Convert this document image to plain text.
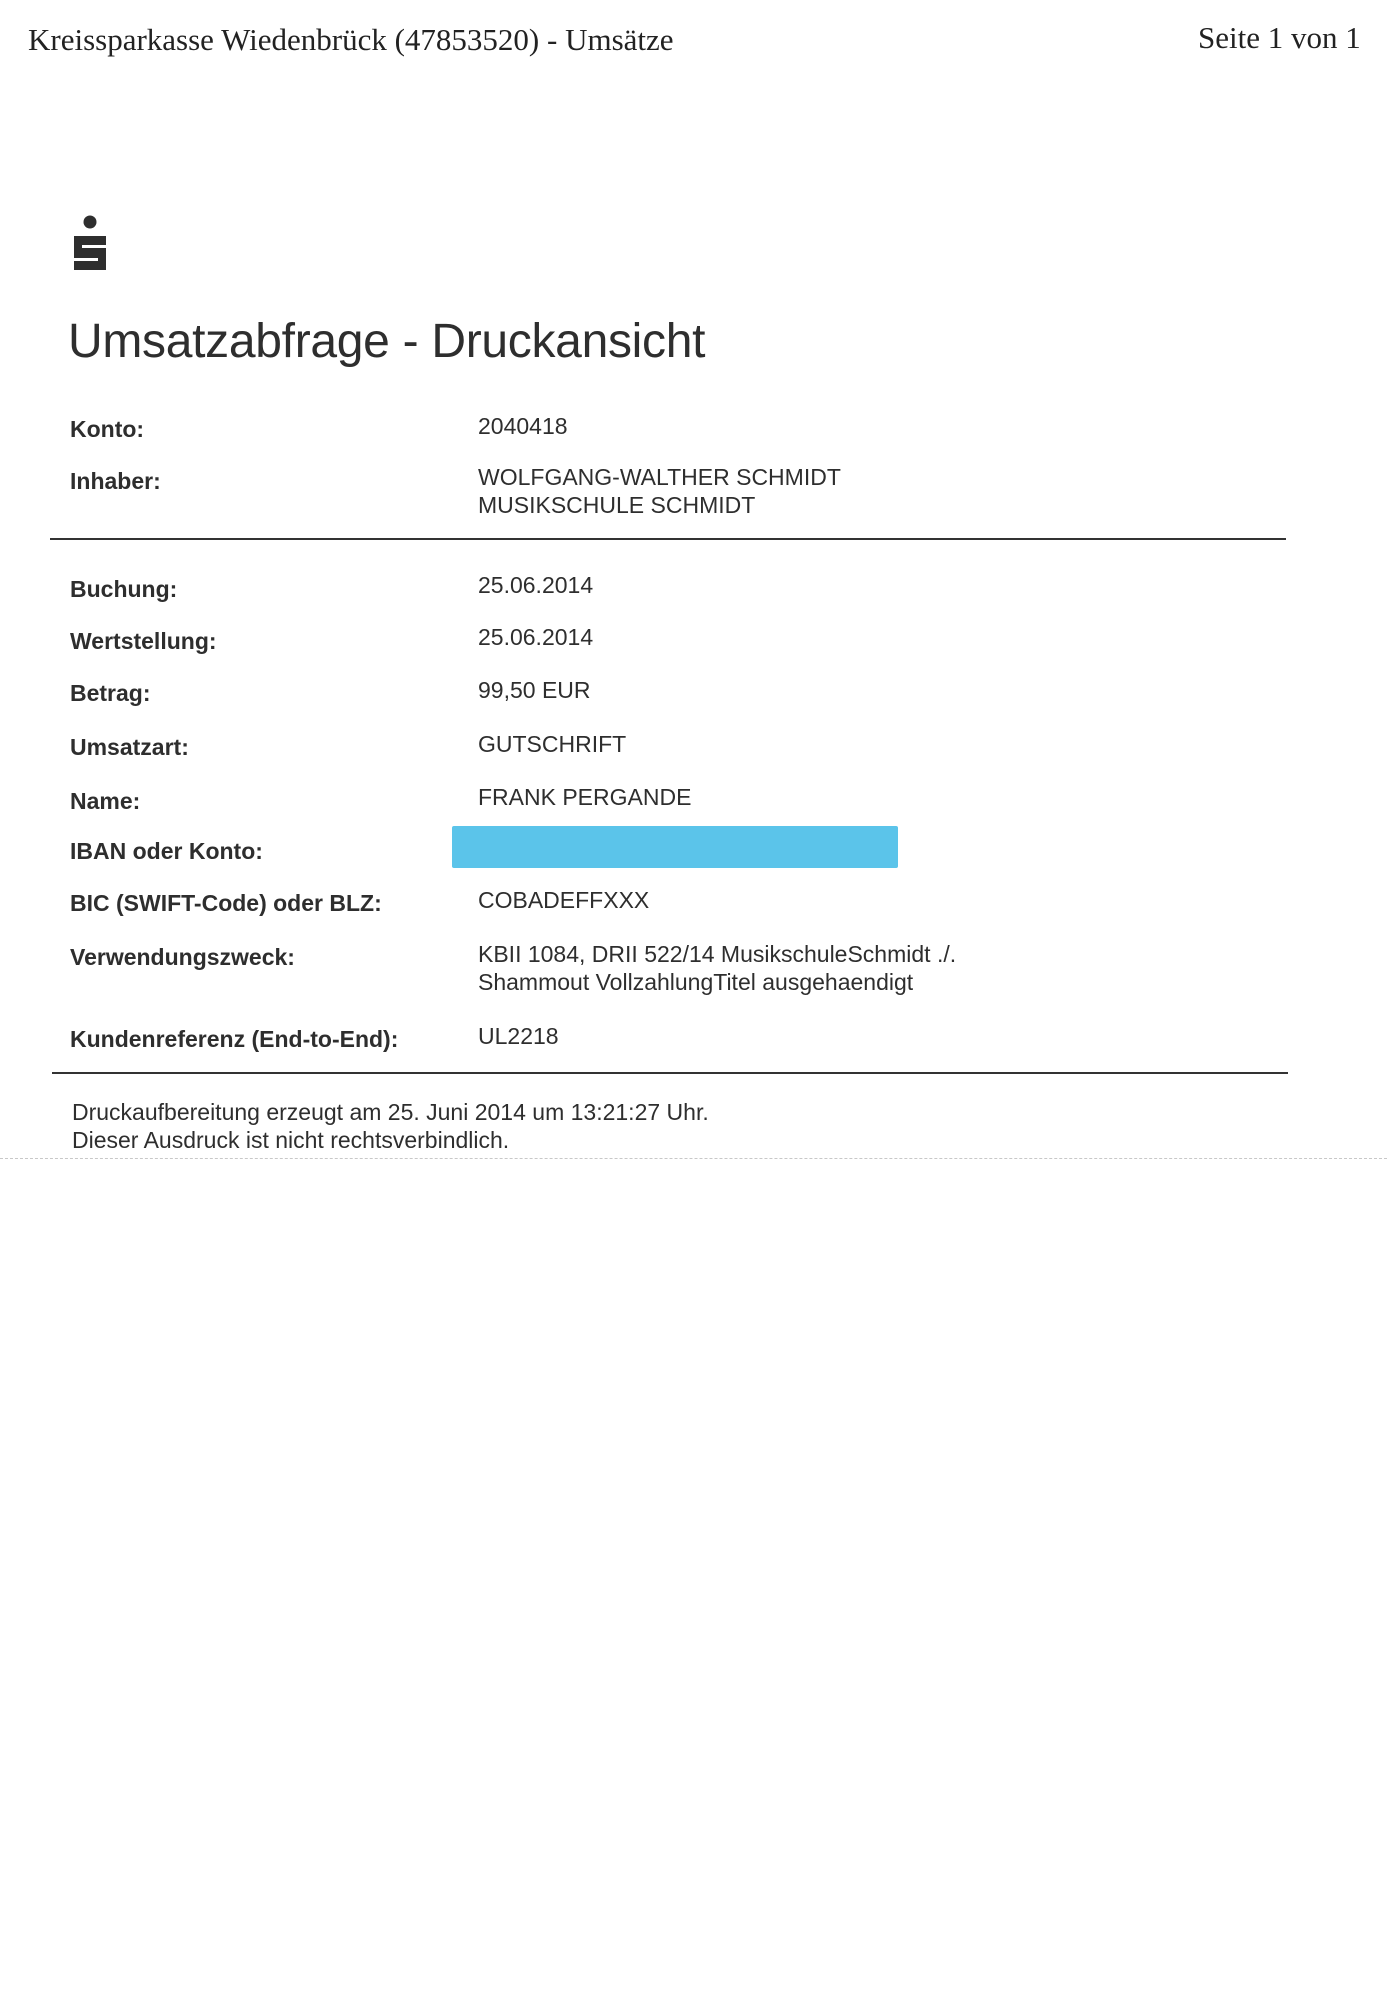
Kreissparkasse Wiedenbrück (47853520) - Umsätze	Seite 1 von 1
Umsatzabfrage - Druckansicht
Konto:	2040418
Inhaber:	WOLFGANG-WALTHER SCHMIDT
MUSIKSCHULE SCHMIDT
Buchung:	25.06.2014
Wertstellung:	25.06.2014
Betrag:	99,50 EUR
Umsatzart:	GUTSCHRIFT
Name:	FRANK PERGANDE
IBAN oder Konto:
BIC (SWIFT-Code) oder BLZ:	COBADEFFXXX
Verwendungszweck:	KBII 1084, DRII 522/14 MusikschuleSchmidt ./.
Shammout VollzahlungTitel ausgehaendigt
Kundenreferenz (End-to-End):	UL2218
Druckaufbereitung erzeugt am 25. Juni 2014 um 13:21:27 Uhr.
Dieser Ausdruck ist nicht rechtsverbindlich.
